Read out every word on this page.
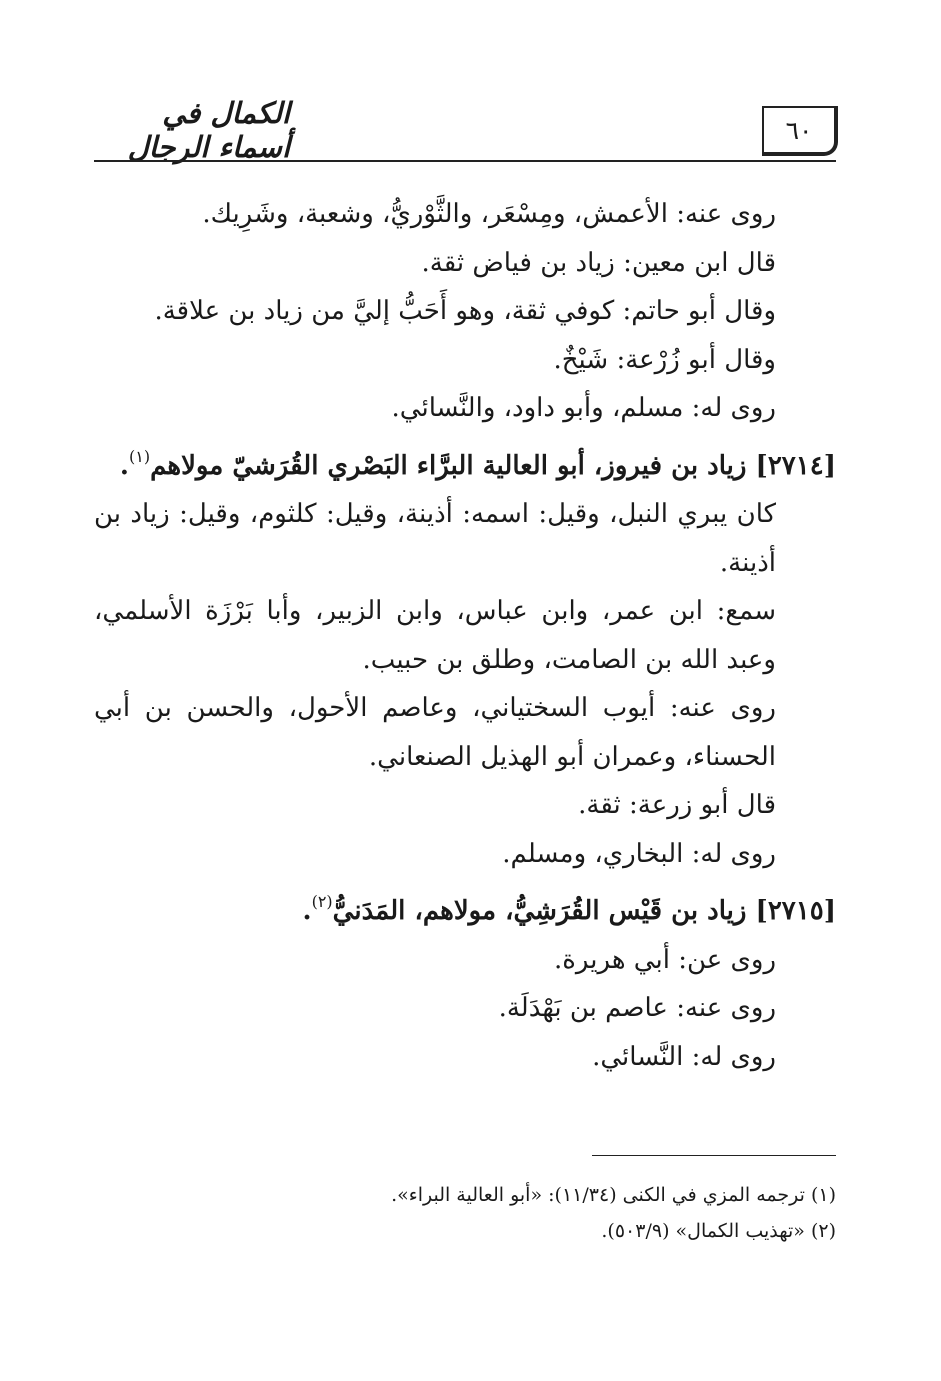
٦٠
الكمال في أسماء الرجال

روى عنه: الأعمش، ومِسْعَر، والثَّوْريُّ، وشعبة، وشَرِيك.

قال ابن معين: زياد بن فياض ثقة.

وقال أبو حاتم: كوفي ثقة، وهو أَحَبُّ إليَّ من زياد بن علاقة.

وقال أبو زُرْعة: شَيْخٌ.

روى له: مسلم، وأبو داود، والنَّسائي.

[٢٧١٤] زياد بن فيروز، أبو العالية البرَّاء البَصْري القُرَشيّ مولاهم$^{(١)}$.

كان يبري النبل، وقيل: اسمه: أذينة، وقيل: كلثوم، وقيل: زياد بن أذينة.

سمع: ابن عمر، وابن عباس، وابن الزبير، وأبا بَرْزَة الأسلمي، وعبد الله بن الصامت، وطلق بن حبيب.

روى عنه: أيوب السختياني، وعاصم الأحول، والحسن بن أبي الحسناء، وعمران أبو الهذيل الصنعاني.

قال أبو زرعة: ثقة.

روى له: البخاري، ومسلم.

[٢٧١٥] زياد بن قَيْس القُرَشِيُّ، مولاهم، المَدَنيُّ$^{(٢)}$.

روى عن: أبي هريرة.

روى عنه: عاصم بن بَهْدَلَة.

روى له: النَّسائي.

(١) ترجمه المزي في الكنى (١١/٣٤): «أبو العالية البراء».

(٢) «تهذيب الكمال» (٥٠٣/٩).
